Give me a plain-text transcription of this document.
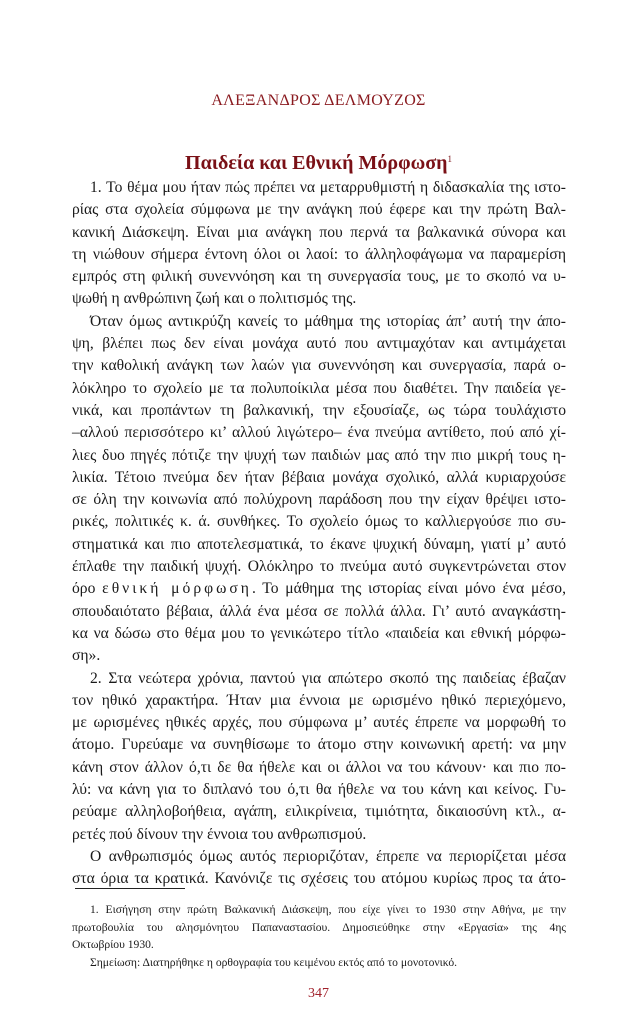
ΑΛΕΞΑΝΔΡΟΣ ΔΕΛΜΟΥΖΟΣ
Παιδεία και Εθνική Μόρφωση$^1$
1. Το θέμα μου ήταν πώς πρέπει να μεταρρυθμιστή η διδασκαλία της ιστο-
ρίας στα σχολεία σύμφωνα με την ανάγκη πού έφερε και την πρώτη Βαλ-
κανική Διάσκεψη. Είναι μια ανάγκη που περνά τα βαλκανικά σύνορα και
τη νιώθουν σήμερα έντονη όλοι οι λαοί: το άλληλοφάγωμα να παραμερίση
εμπρός στη φιλική συνεννόηση και τη συνεργασία τους, με το σκοπό να υ-
ψωθή η ανθρώπινη ζωή και ο πολιτισμός της.
Όταν όμως αντικρύζη κανείς το μάθημα της ιστορίας άπ’ αυτή την άπο-
ψη, βλέπει πως δεν είναι μονάχα αυτό που αντιμαχόταν και αντιμάχεται
την καθολική ανάγκη των λαών για συνεννόηση και συνεργασία, παρά ο-
λόκληρο το σχολείο με τα πολυποίκιλα μέσα που διαθέτει. Την παιδεία γε-
νικά, και προπάντων τη βαλκανική, την εξουσίαζε, ως τώρα τουλάχιστο
–αλλού περισσότερο κι’ αλλού λιγώτερο– ένα πνεύμα αντίθετο, πού από χί-
λιες δυο πηγές πότιζε την ψυχή των παιδιών μας από την πιο μικρή τους η-
λικία. Τέτοιο πνεύμα δεν ήταν βέβαια μονάχα σχολικό, αλλά κυριαρχούσε
σε όλη την κοινωνία από πολύχρονη παράδοση που την είχαν θρέψει ιστο-
ρικές, πολιτικές κ. ά. συνθήκες. Το σχολείο όμως το καλλιεργούσε πιο συ-
στηματικά και πιο αποτελεσματικά, το έκανε ψυχική δύναμη, γιατί μ’ αυτό
έπλαθε την παιδική ψυχή. Ολόκληρο το πνεύμα αυτό συγκεντρώνεται στον
όρο εθνική μόρφωση. Το μάθημα της ιστορίας είναι μόνο ένα μέσο,
σπουδαιότατο βέβαια, άλλά ένα μέσα σε πολλά άλλα. Γι’ αυτό αναγκάστη-
κα να δώσω στο θέμα μου το γενικώτερο τίτλο «παιδεία και εθνική μόρφω-
ση».
2. Στα νεώτερα χρόνια, παντού για απώτερο σκοπό της παιδείας έβαζαν
τον ηθικό χαρακτήρα. Ήταν μια έννοια με ωρισμένο ηθικό περιεχόμενο,
με ωρισμένες ηθικές αρχές, που σύμφωνα μ’ αυτές έπρεπε να μορφωθή το
άτομο. Γυρεύαμε να συνηθίσωμε το άτομο στην κοινωνική αρετή: να μην
κάνη στον άλλον ό,τι δε θα ήθελε και οι άλλοι να του κάνουν· και πιο πο-
λύ: να κάνη για το διπλανό του ό,τι θα ήθελε να του κάνη και κείνος. Γυ-
ρεύαμε αλληλοβοήθεια, αγάπη, ειλικρίνεια, τιμιότητα, δικαιοσύνη κτλ., α-
ρετές πού δίνουν την έννοια του ανθρωπισμού.
Ο ανθρωπισμός όμως αυτός περιοριζόταν, έπρεπε να περιορίζεται μέσα
στα όρια τα κρατικά. Κανόνιζε τις σχέσεις του ατόμου κυρίως προς τα άτο-
1. Εισήγηση στην πρώτη Βαλκανική Διάσκεψη, που είχε γίνει το 1930 στην Αθήνα, με την
πρωτοβουλία του αλησμόνητου Παπαναστασίου. Δημοσιεύθηκε στην «Εργασία» της 4ης
Οκτωβρίου 1930.
Σημείωση: Διατηρήθηκε η ορθογραφία του κειμένου εκτός από το μονοτονικό.
347
